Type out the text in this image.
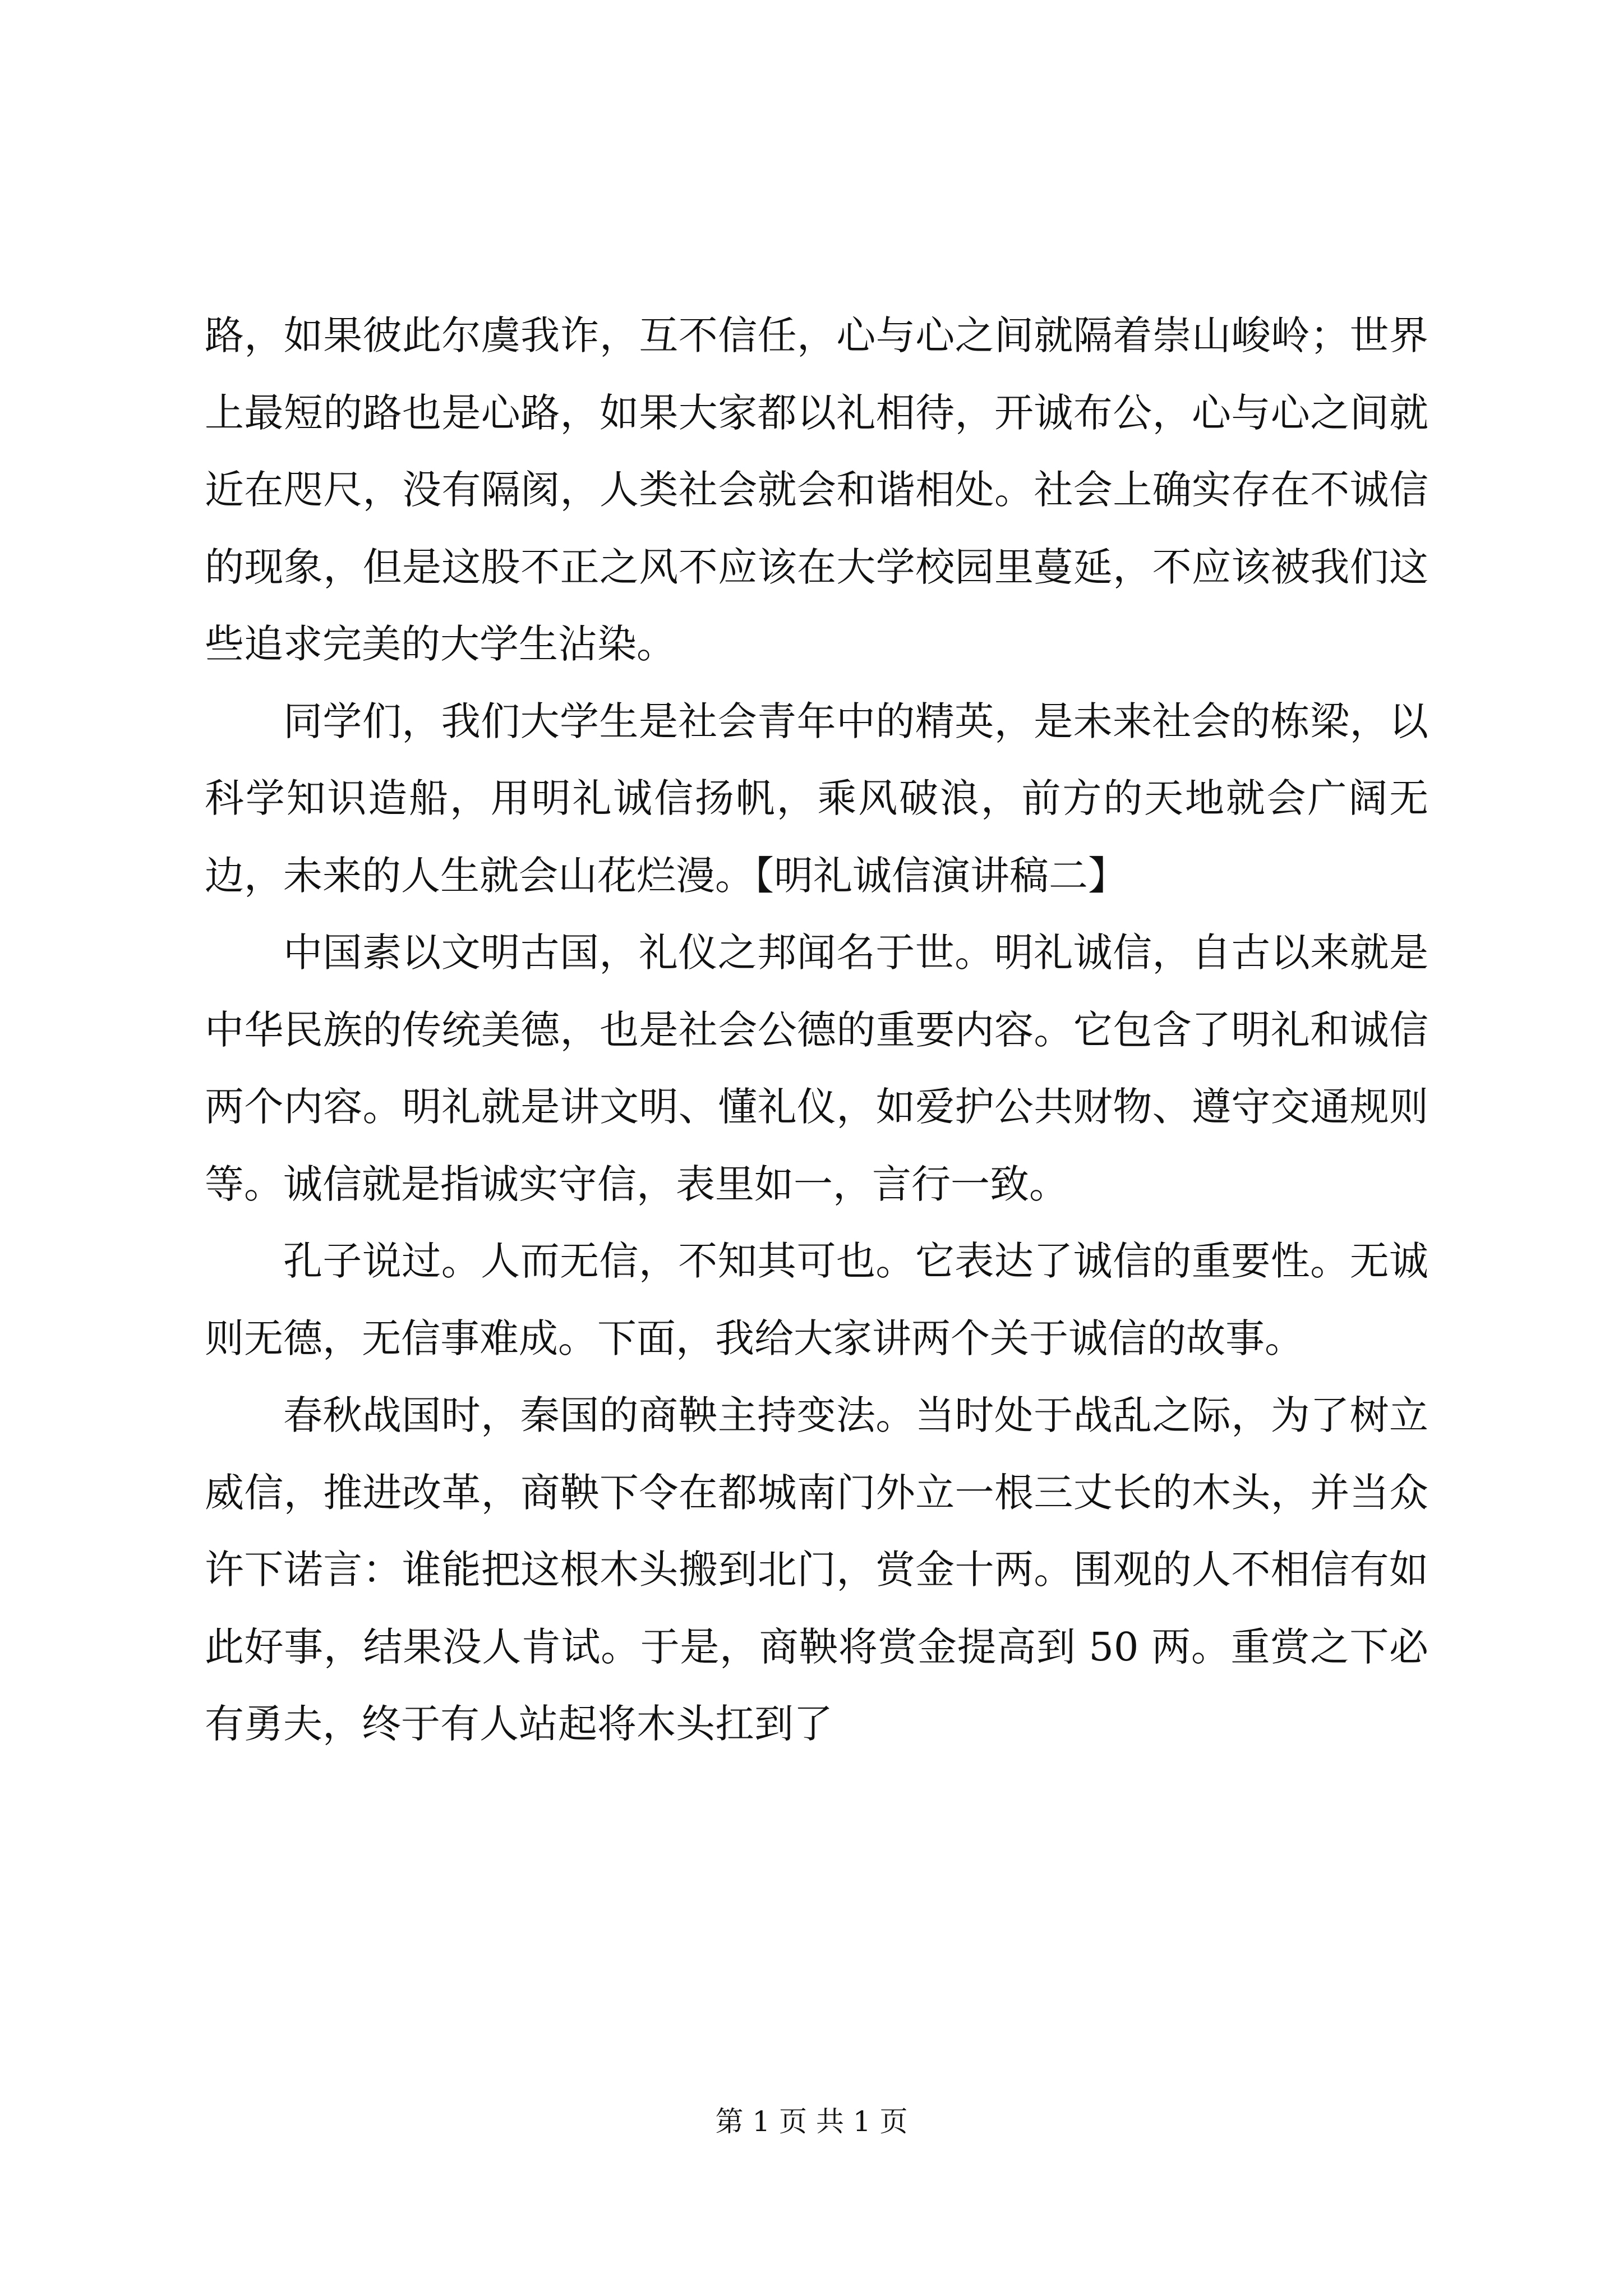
路，如果彼此尔虞我诈，互不信任，心与心之间就隔着崇山峻岭；世界上最短的路也是心路，如果大家都以礼相待，开诚布公，心与心之间就近在咫尺，没有隔阂，人类社会就会和谐相处。社会上确实存在不诚信的现象，但是这股不正之风不应该在大学校园里蔓延，不应该被我们这些追求完美的大学生沾染。

同学们，我们大学生是社会青年中的精英，是未来社会的栋梁，以科学知识造船，用明礼诚信扬帆，乘风破浪，前方的天地就会广阔无边，未来的人生就会山花烂漫。【明礼诚信演讲稿二】

中国素以文明古国，礼仪之邦闻名于世。明礼诚信，自古以来就是中华民族的传统美德，也是社会公德的重要内容。它包含了明礼和诚信两个内容。明礼就是讲文明、懂礼仪，如爱护公共财物、遵守交通规则等。诚信就是指诚实守信，表里如一，言行一致。

孔子说过。人而无信，不知其可也。它表达了诚信的重要性。无诚则无德，无信事难成。下面，我给大家讲两个关于诚信的故事。

春秋战国时，秦国的商鞅主持变法。当时处于战乱之际，为了树立威信，推进改革，商鞅下令在都城南门外立一根三丈长的木头，并当众许下诺言：谁能把这根木头搬到北门，赏金十两。围观的人不相信有如此好事，结果没人肯试。于是，商鞅将赏金提高到 50 两。重赏之下必有勇夫，终于有人站起将木头扛到了

第 1 页 共 1 页
